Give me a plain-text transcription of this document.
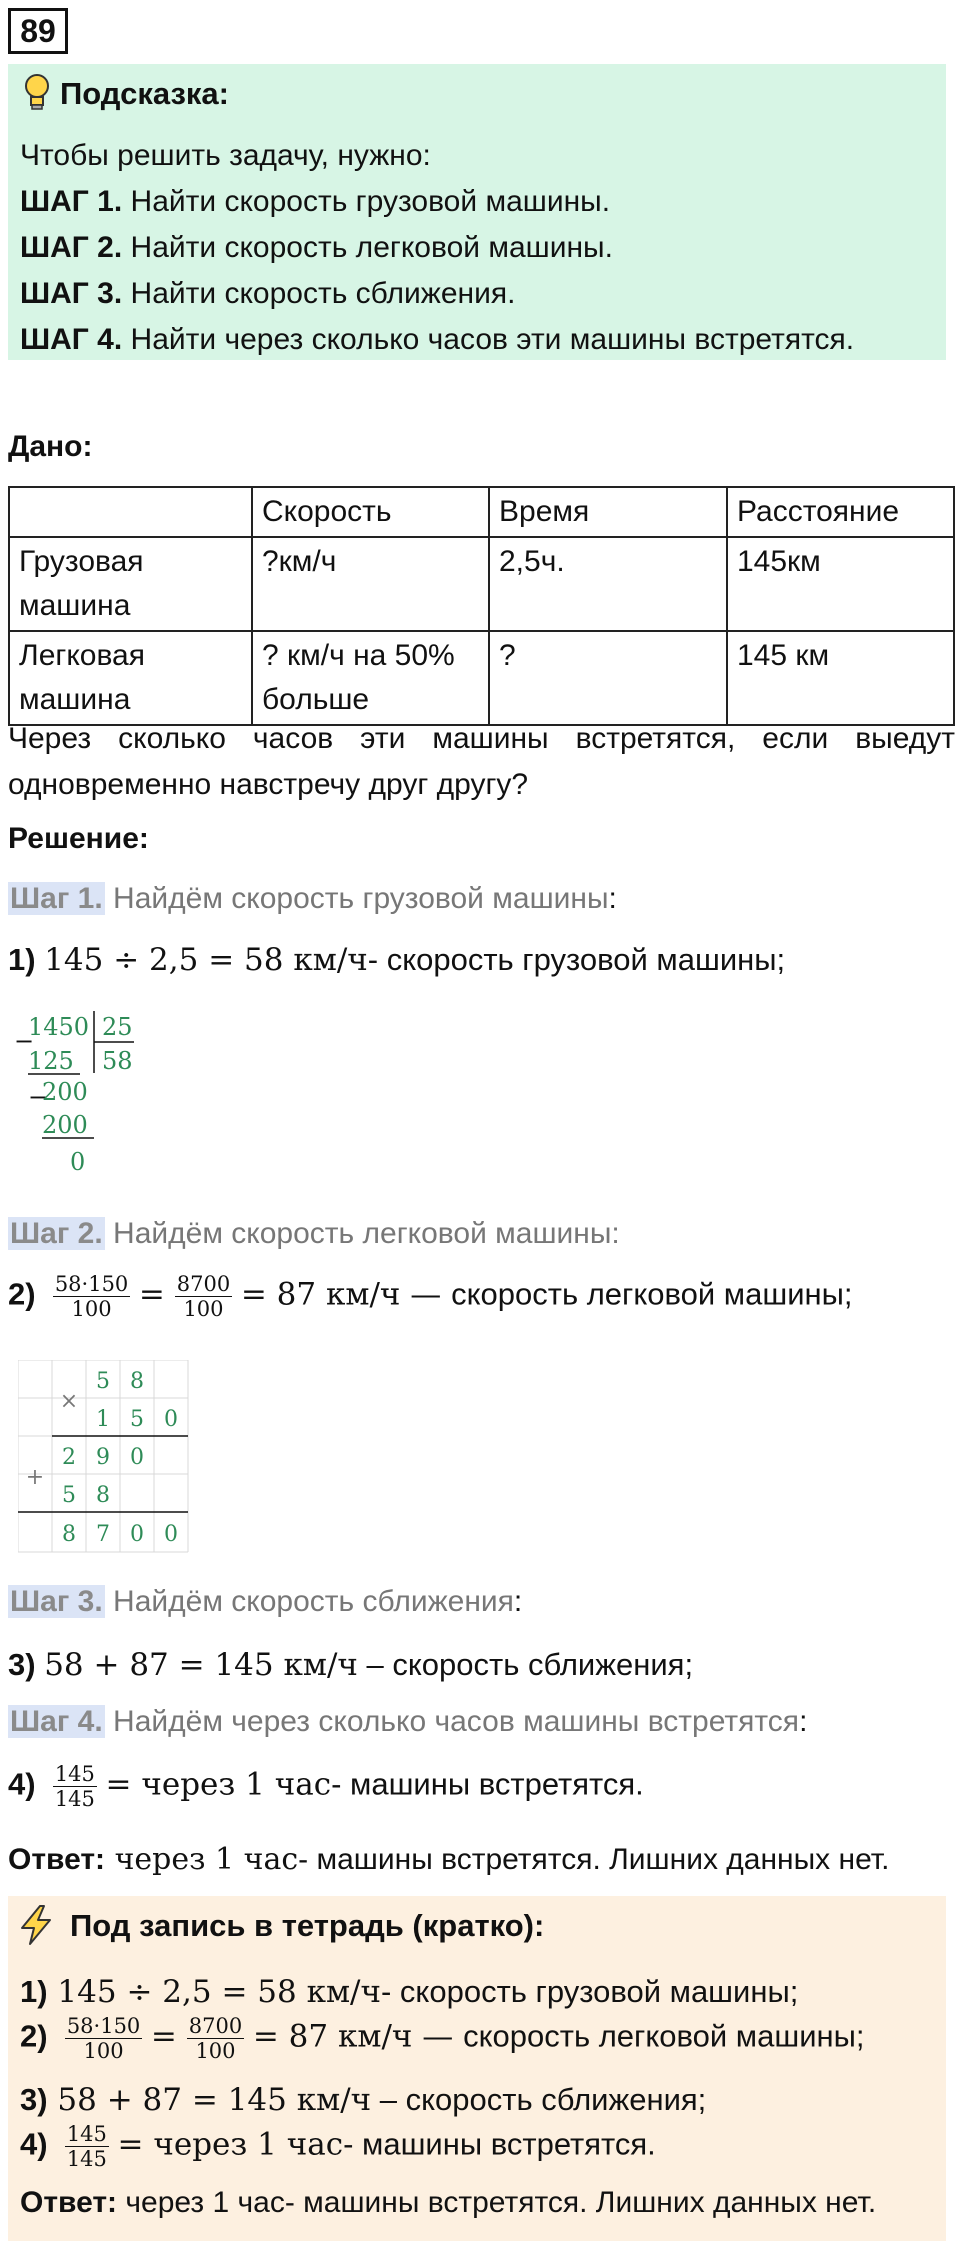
89
Подсказка:
Чтобы решить задачу, нужно:
ШАГ 1. Найти скорость грузовой машины.
ШАГ 2. Найти скорость легковой машины.
ШАГ 3. Найти скорость сближения.
ШАГ 4. Найти через сколько часов эти машины встретятся.
Дано:
	Скорость	Время	Расстояние
Грузовая машина	?км/ч	2,5ч.	145км
Легковая машина	? км/ч на 50% больше	?	145 км
Через сколько часов эти машины встретятся, если выедут одновременно навстречу друг другу?
Решение:
Шаг 1. Найдём скорость грузовой машины:
1) 145 ÷ 2,5 = 58 км/ч- скорость грузовой машины;
−
1450 25
58
125
−
200
200
0
Шаг 2. Найдём скорость легковой машины:
$2) \frac{58\cdot 150}{100} = \frac{8700}{100} = 87$ км/ч — скорость легковой машины;
×
+
5 8
1 5 0
2 9 0
5 8
8 7 0 0
Шаг 3. Найдём скорость сближения:
3) 58 + 87 = 145 км/ч – скорость сближения;
Шаг 4. Найдём через сколько часов машины встретятся:
$4) \frac{145}{145}$ = через 1 час- машины встретятся.
Ответ: через 1 час- машины встретятся. Лишних данных нет.
Под запись в тетрадь (кратко):
1) 145 ÷ 2,5 = 58 км/ч- скорость грузовой машины;
$2) \frac{58\cdot 150}{100} = \frac{8700}{100} = 87$ км/ч — скорость легковой машины;
3) 58 + 87 = 145 км/ч – скорость сближения;
$4) \frac{145}{145}$ = через 1 час- машины встретятся.
Ответ: через 1 час- машины встретятся. Лишних данных нет.
